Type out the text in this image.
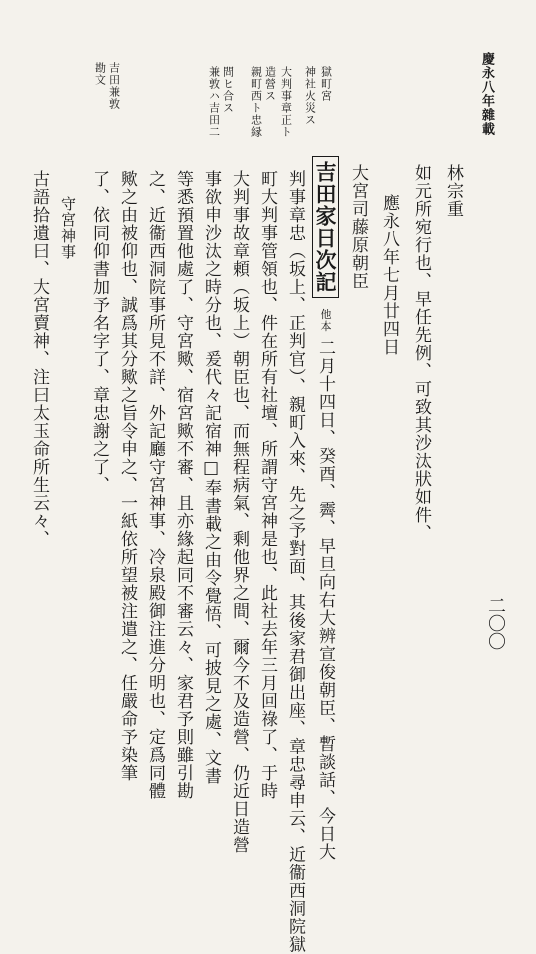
慶永八年雜載
二〇〇
吉田兼敦
勘文	問ヒ合ス
兼敦ハ吉田二	造營ス
親町西ト忠縁 大判事章正ト 神社火災ス 獄町宮
林宗重
如元所宛行也、早任先例、可致其沙汰狀如件、
應永八年七月廿四日
大宮司藤原朝臣
吉田家日次記 他本 二月十四日、癸酉、霽、早旦向右大辨宣俊朝臣、暫談話、今日大
判事章忠（坂上、正判官）、親町入來、先之予對面、其後家君御出座、章忠尋申云、近衞西洞院獄
町大判事管領也、件在所有社壇、所謂守宮神是也、此社去年三月回祿了、于時
大判事故章頼（坂上）朝臣也、而無程病氣、剩他界之間、爾今不及造營、仍近日造營
事欲申沙汰之時分也、爰代々記宿神□奉書載之由令覺悟、可披見之處、文書
等悉預置他處了、守宮歟、宿宮歟不審、且亦緣起同不審云々、家君予則雖引勘
之、近衞西洞院事所見不詳、外記廳守宮神事、冷泉殿御注進分明也、定爲同體
歟之由被仰也、誠爲其分歟之旨令申之、一紙依所望被注遣之、任嚴命予染筆
了、依同仰書加予名字了、章忠謝之了、
守宮神事
古語拾遺曰、大宮賣神、注曰太玉命所生云々、
